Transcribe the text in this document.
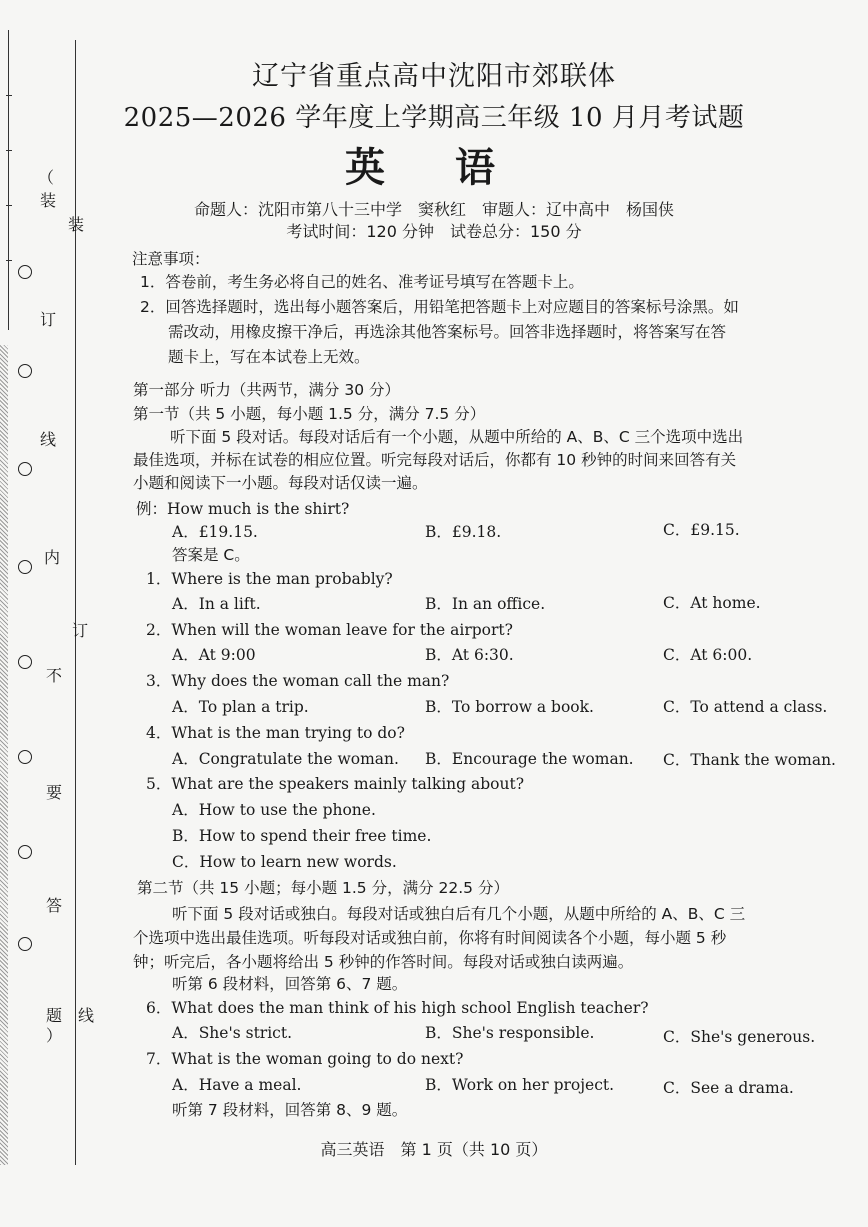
（
装
订
线
内
不
要
答
题
）
装
订
线
辽宁省重点高中沈阳市郊联体
2025—2026 学年度上学期高三年级 10 月月考试题
英 语
命题人：沈阳市第八十三中学　窦秋红　审题人：辽中高中　杨国侠
考试时间：120 分钟　试卷总分：150 分
注意事项：
1．答卷前，考生务必将自己的姓名、准考证号填写在答题卡上。
2．回答选择题时，选出每小题答案后，用铅笔把答题卡上对应题目的答案标号涂黑。如
需改动，用橡皮擦干净后，再选涂其他答案标号。回答非选择题时，将答案写在答
题卡上，写在本试卷上无效。
第一部分 听力（共两节，满分 30 分）
第一节（共 5 小题，每小题 1.5 分，满分 7.5 分）
听下面 5 段对话。每段对话后有一个小题，从题中所给的 A、B、C 三个选项中选出
最佳选项，并标在试卷的相应位置。听完每段对话后，你都有 10 秒钟的时间来回答有关
小题和阅读下一小题。每段对话仅读一遍。
例：How much is the shirt?
A．£19.15.	B．£9.18.	C．£9.15.
答案是 C。
1．Where is the man probably?
A．In a lift.	B．In an office.	C．At home.
2．When will the woman leave for the airport?
A．At 9:00	B．At 6:30.	C．At 6:00.
3．Why does the woman call the man?
A．To plan a trip.	B．To borrow a book.	C．To attend a class.
4．What is the man trying to do?
A．Congratulate the woman. B．Encourage the woman. C．Thank the woman.
5．What are the speakers mainly talking about?
A．How to use the phone.
B．How to spend their free time.
C．How to learn new words.
第二节（共 15 小题；每小题 1.5 分，满分 22.5 分）
听下面 5 段对话或独白。每段对话或独白后有几个小题，从题中所给的 A、B、C 三
个选项中选出最佳选项。听每段对话或独白前，你将有时间阅读各个小题，每小题 5 秒
钟；听完后，各小题将给出 5 秒钟的作答时间。每段对话或独白读两遍。
听第 6 段材料，回答第 6、7 题。
6．What does the man think of his high school English teacher?
A．She's strict.	B．She's responsible.	C．She's generous.
7．What is the woman going to do next?
A．Have a meal.	B．Work on her project.	C．See a drama.
听第 7 段材料，回答第 8、9 题。
高三英语　第 1 页（共 10 页）
